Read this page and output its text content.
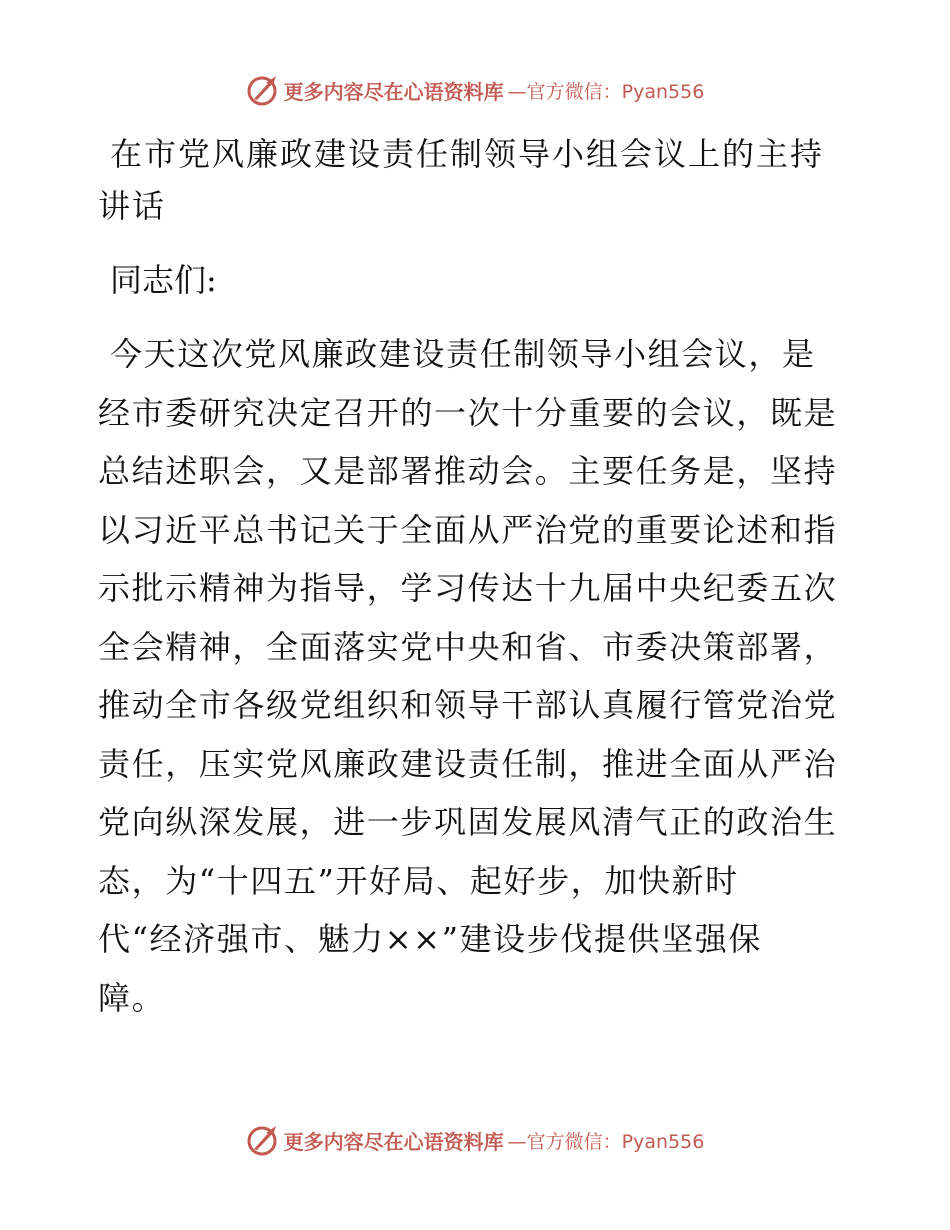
更多内容尽在心语资料库 —官方微信：Pyan556
在市党风廉政建设责任制领导小组会议上的主持
讲话

同志们:

今天这次党风廉政建设责任制领导小组会议，是
经市委研究决定召开的一次十分重要的会议，既是
总结述职会，又是部署推动会。主要任务是，坚持
以习近平总书记关于全面从严治党的重要论述和指
示批示精神为指导，学习传达十九届中央纪委五次
全会精神，全面落实党中央和省、市委决策部署，
推动全市各级党组织和领导干部认真履行管党治党
责任，压实党风廉政建设责任制，推进全面从严治
党向纵深发展，进一步巩固发展风清气正的政治生
态，为“十四五”开好局、起好步，加快新时
代“经济强市、魅力××”建设步伐提供坚强保
障。
更多内容尽在心语资料库 —官方微信：Pyan556
